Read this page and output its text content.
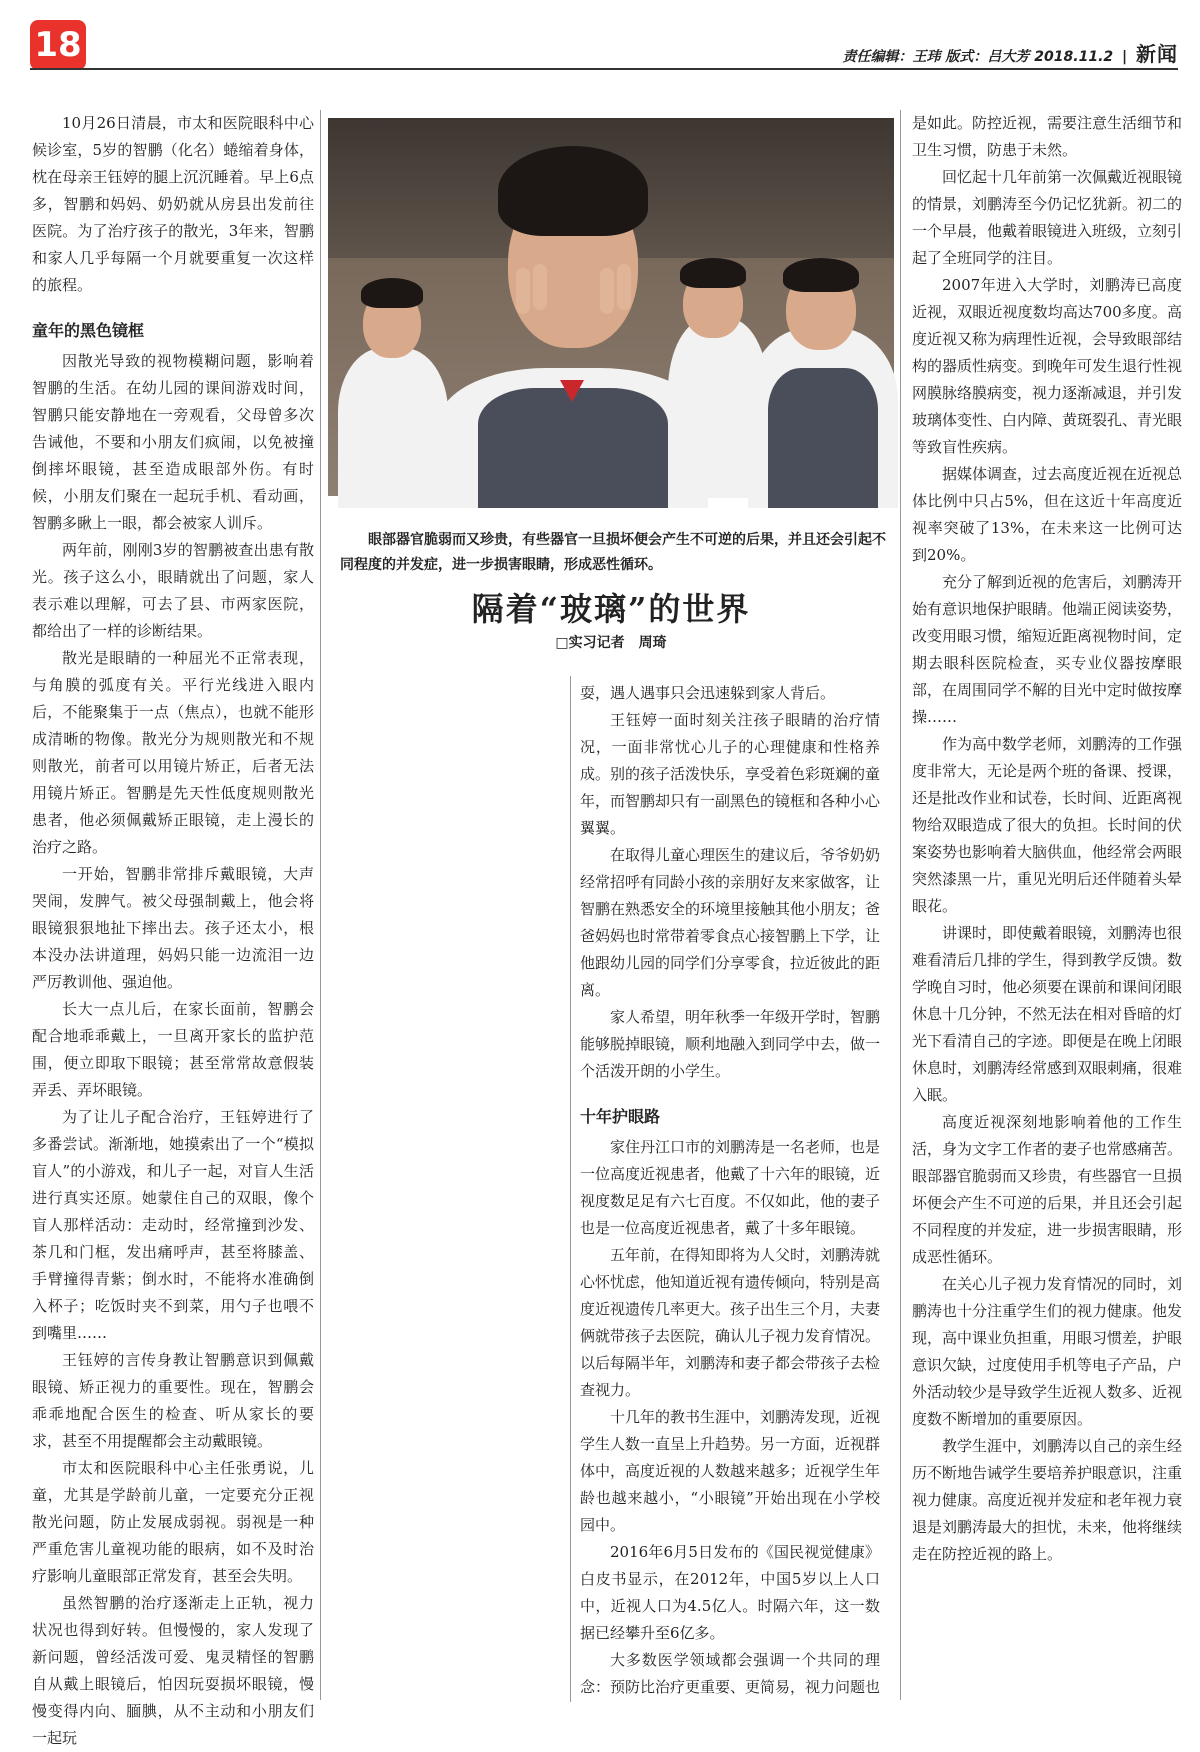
18	责任编辑：王玮 版式：吕大芳 2018.11.2 | 新闻

10月26日清晨，市太和医院眼科中心候诊室，5岁的智鹏（化名）蜷缩着身体，枕在母亲王钰婷的腿上沉沉睡着。早上6点多，智鹏和妈妈、奶奶就从房县出发前往医院。为了治疗孩子的散光，3年来，智鹏和家人几乎每隔一个月就要重复一次这样的旅程。

童年的黑色镜框

因散光导致的视物模糊问题，影响着智鹏的生活。在幼儿园的课间游戏时间，智鹏只能安静地在一旁观看，父母曾多次告诫他，不要和小朋友们疯闹，以免被撞倒摔坏眼镜，甚至造成眼部外伤。有时候，小朋友们聚在一起玩手机、看动画，智鹏多瞅上一眼，都会被家人训斥。

两年前，刚刚3岁的智鹏被查出患有散光。孩子这么小，眼睛就出了问题，家人表示难以理解，可去了县、市两家医院，都给出了一样的诊断结果。

散光是眼睛的一种屈光不正常表现，与角膜的弧度有关。平行光线进入眼内后，不能聚集于一点（焦点），也就不能形成清晰的物像。散光分为规则散光和不规则散光，前者可以用镜片矫正，后者无法用镜片矫正。智鹏是先天性低度规则散光患者，他必须佩戴矫正眼镜，走上漫长的治疗之路。

一开始，智鹏非常排斥戴眼镜，大声哭闹，发脾气。被父母强制戴上，他会将眼镜狠狠地扯下摔出去。孩子还太小，根本没办法讲道理，妈妈只能一边流泪一边严厉教训他、强迫他。

长大一点儿后，在家长面前，智鹏会配合地乖乖戴上，一旦离开家长的监护范围，便立即取下眼镜；甚至常常故意假装弄丢、弄坏眼镜。

为了让儿子配合治疗，王钰婷进行了多番尝试。渐渐地，她摸索出了一个“模拟盲人”的小游戏，和儿子一起，对盲人生活进行真实还原。她蒙住自己的双眼，像个盲人那样活动：走动时，经常撞到沙发、茶几和门框，发出痛呼声，甚至将膝盖、手臂撞得青紫；倒水时，不能将水准确倒入杯子；吃饭时夹不到菜，用勺子也喂不到嘴里……

王钰婷的言传身教让智鹏意识到佩戴眼镜、矫正视力的重要性。现在，智鹏会乖乖地配合医生的检查、听从家长的要求，甚至不用提醒都会主动戴眼镜。

市太和医院眼科中心主任张勇说，儿童，尤其是学龄前儿童，一定要充分正视散光问题，防止发展成弱视。弱视是一种严重危害儿童视功能的眼病，如不及时治疗影响儿童眼部正常发育，甚至会失明。

虽然智鹏的治疗逐渐走上正轨，视力状况也得到好转。但慢慢的，家人发现了新问题，曾经活泼可爱、鬼灵精怪的智鹏自从戴上眼镜后，怕因玩耍损坏眼镜，慢慢变得内向、腼腆，从不主动和小朋友们一起玩

眼部器官脆弱而又珍贵，有些器官一旦损坏便会产生不可逆的后果，并且还会引起不同程度的并发症，进一步损害眼睛，形成恶性循环。
隔着“玻璃”的世界
□实习记者　周琦

耍，遇人遇事只会迅速躲到家人背后。

王钰婷一面时刻关注孩子眼睛的治疗情况，一面非常忧心儿子的心理健康和性格养成。别的孩子活泼快乐，享受着色彩斑斓的童年，而智鹏却只有一副黑色的镜框和各种小心翼翼。

在取得儿童心理医生的建议后，爷爷奶奶经常招呼有同龄小孩的亲朋好友来家做客，让智鹏在熟悉安全的环境里接触其他小朋友；爸爸妈妈也时常带着零食点心接智鹏上下学，让他跟幼儿园的同学们分享零食，拉近彼此的距离。

家人希望，明年秋季一年级开学时，智鹏能够脱掉眼镜，顺利地融入到同学中去，做一个活泼开朗的小学生。

十年护眼路

家住丹江口市的刘鹏涛是一名老师，也是一位高度近视患者，他戴了十六年的眼镜，近视度数足足有六七百度。不仅如此，他的妻子也是一位高度近视患者，戴了十多年眼镜。

五年前，在得知即将为人父时，刘鹏涛就心怀忧虑，他知道近视有遗传倾向，特别是高度近视遗传几率更大。孩子出生三个月，夫妻俩就带孩子去医院，确认儿子视力发育情况。以后每隔半年，刘鹏涛和妻子都会带孩子去检查视力。

十几年的教书生涯中，刘鹏涛发现，近视学生人数一直呈上升趋势。另一方面，近视群体中，高度近视的人数越来越多；近视学生年龄也越来越小，“小眼镜”开始出现在小学校园中。

2016年6月5日发布的《国民视觉健康》白皮书显示，在2012年，中国5岁以上人口中，近视人口为4.5亿人。时隔六年，这一数据已经攀升至6亿多。

大多数医学领域都会强调一个共同的理念：预防比治疗更重要、更简易，视力问题也

是如此。防控近视，需要注意生活细节和卫生习惯，防患于未然。

回忆起十几年前第一次佩戴近视眼镜的情景，刘鹏涛至今仍记忆犹新。初二的一个早晨，他戴着眼镜进入班级，立刻引起了全班同学的注目。

2007年进入大学时，刘鹏涛已高度近视，双眼近视度数均高达700多度。高度近视又称为病理性近视，会导致眼部结构的器质性病变。到晚年可发生退行性视网膜脉络膜病变，视力逐渐减退，并引发玻璃体变性、白内障、黄斑裂孔、青光眼等致盲性疾病。

据媒体调查，过去高度近视在近视总体比例中只占5%，但在这近十年高度近视率突破了13%，在未来这一比例可达到20%。

充分了解到近视的危害后，刘鹏涛开始有意识地保护眼睛。他端正阅读姿势，改变用眼习惯，缩短近距离视物时间，定期去眼科医院检查，买专业仪器按摩眼部，在周围同学不解的目光中定时做按摩操……

作为高中数学老师，刘鹏涛的工作强度非常大，无论是两个班的备课、授课，还是批改作业和试卷，长时间、近距离视物给双眼造成了很大的负担。长时间的伏案姿势也影响着大脑供血，他经常会两眼突然漆黑一片，重见光明后还伴随着头晕眼花。

讲课时，即使戴着眼镜，刘鹏涛也很难看清后几排的学生，得到教学反馈。数学晚自习时，他必须要在课前和课间闭眼休息十几分钟，不然无法在相对昏暗的灯光下看清自己的字迹。即便是在晚上闭眼休息时，刘鹏涛经常感到双眼刺痛，很难入眠。

高度近视深刻地影响着他的工作生活，身为文字工作者的妻子也常感痛苦。眼部器官脆弱而又珍贵，有些器官一旦损坏便会产生不可逆的后果，并且还会引起不同程度的并发症，进一步损害眼睛，形成恶性循环。

在关心儿子视力发育情况的同时，刘鹏涛也十分注重学生们的视力健康。他发现，高中课业负担重，用眼习惯差，护眼意识欠缺，过度使用手机等电子产品，户外活动较少是导致学生近视人数多、近视度数不断增加的重要原因。

教学生涯中，刘鹏涛以自己的亲生经历不断地告诫学生要培养护眼意识，注重视力健康。高度近视并发症和老年视力衰退是刘鹏涛最大的担忧，未来，他将继续走在防控近视的路上。
